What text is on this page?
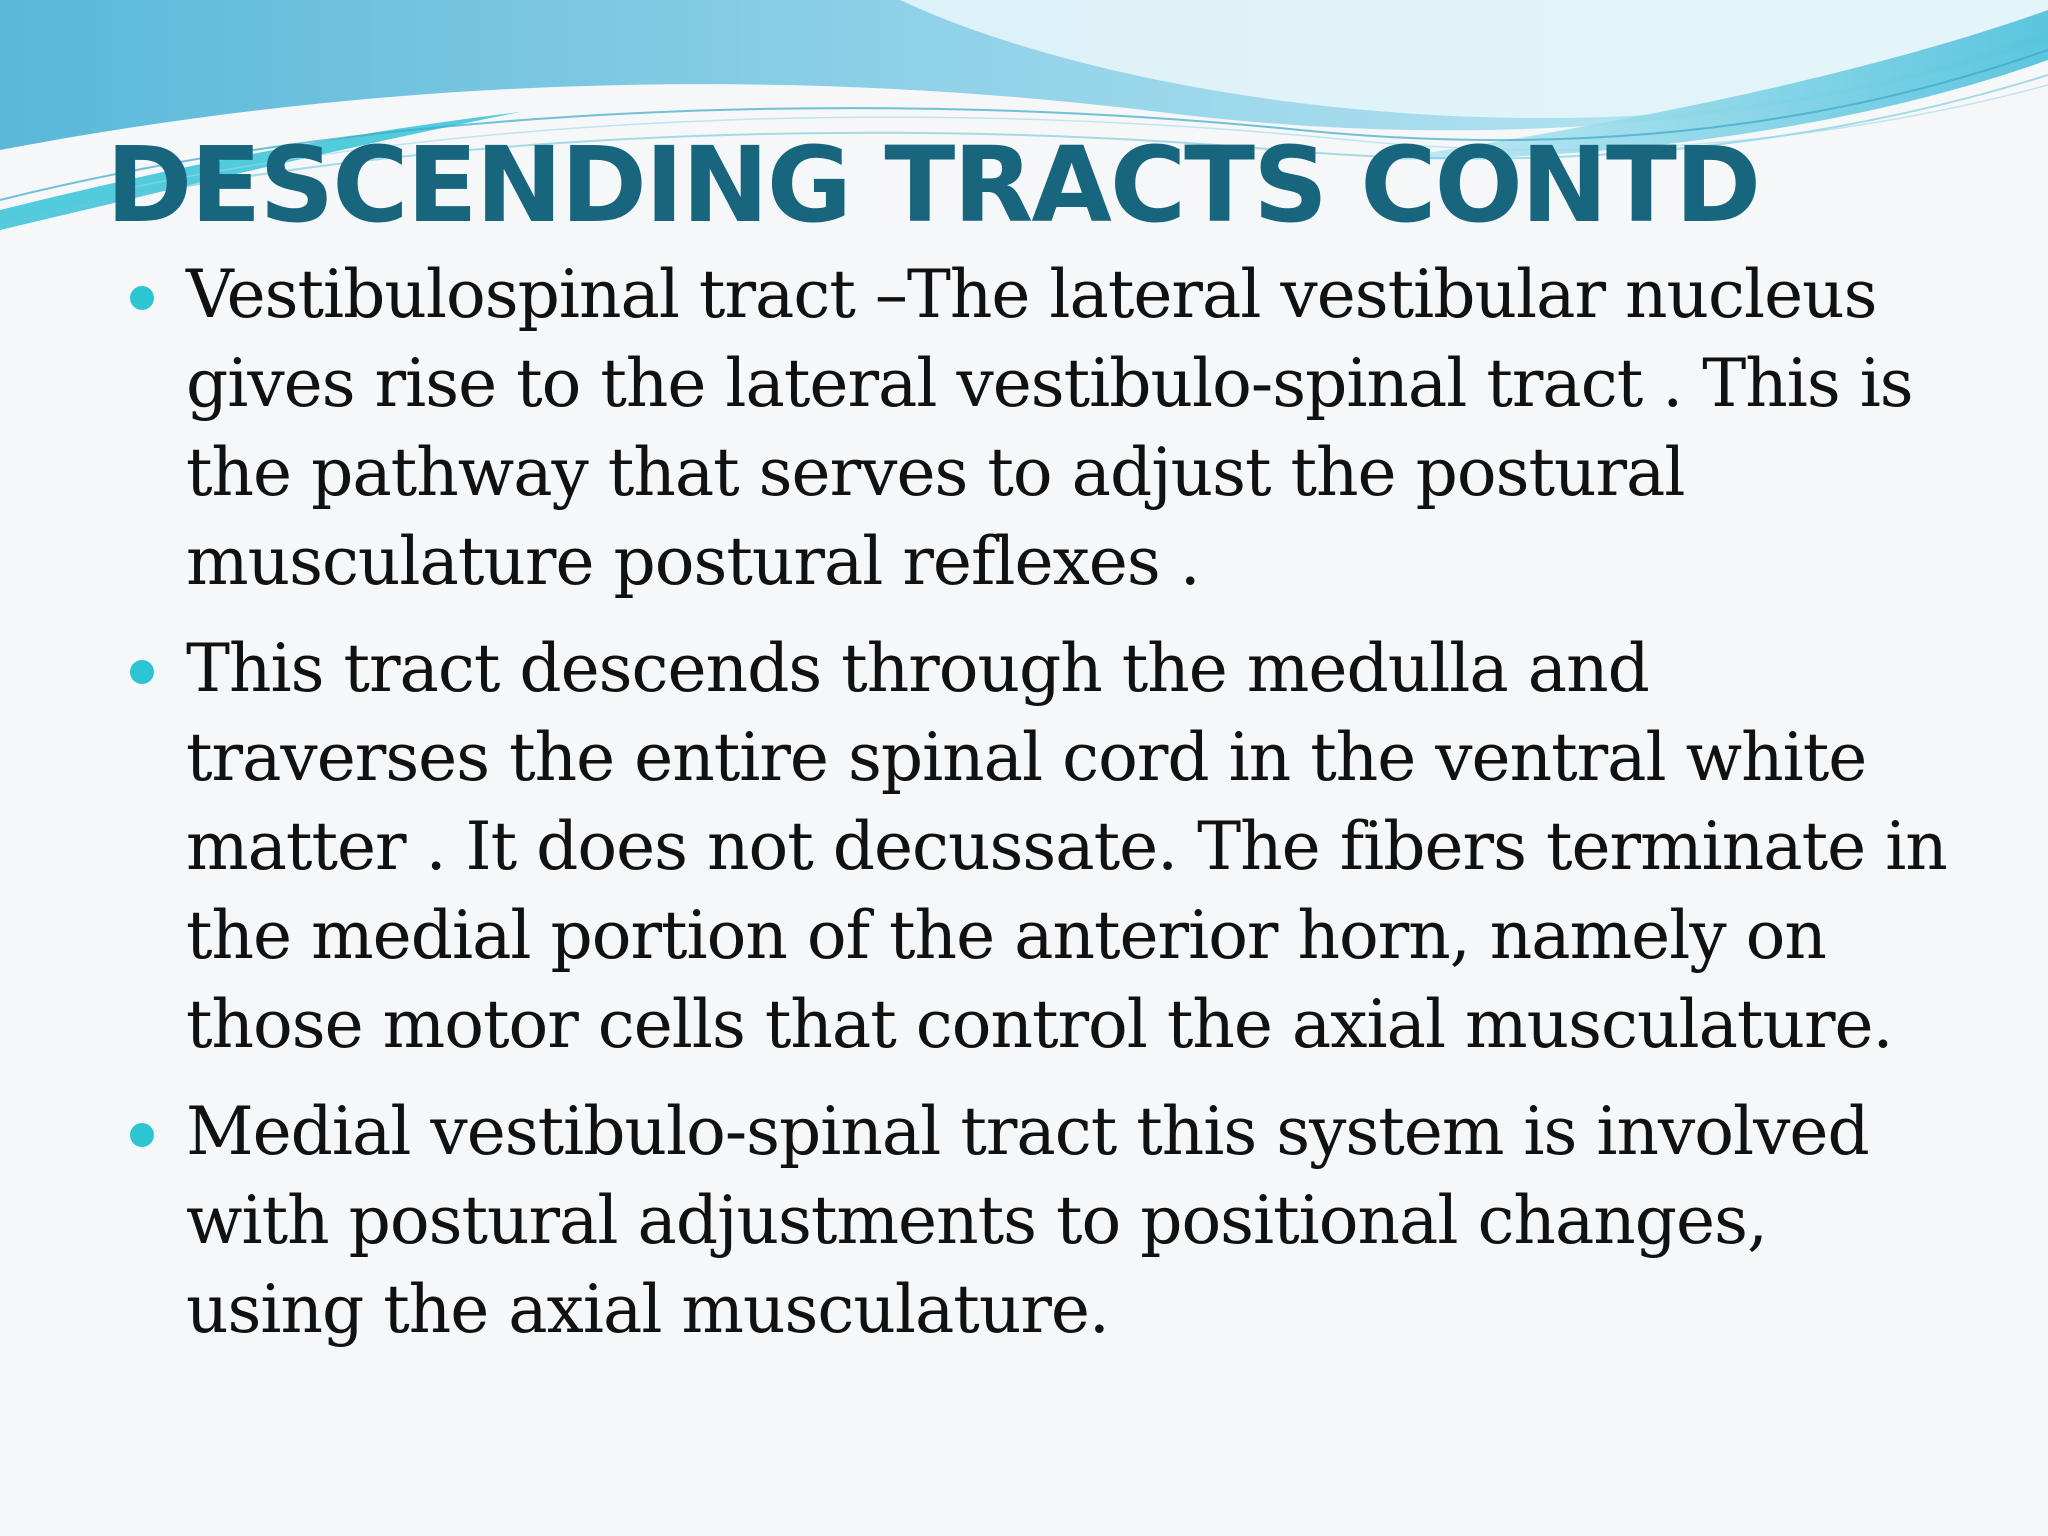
DESCENDING TRACTS CONTD
Vestibulospinal tract –The lateral vestibular nucleus gives rise to the lateral vestibulo-spinal tract . This is the pathway that serves to adjust the postural musculature postural reflexes .
This tract descends through the medulla and traverses the entire spinal cord in the ventral white matter . It does not decussate. The fibers terminate in the medial portion of the anterior horn, namely on those motor cells that control the axial musculature.
Medial vestibulo-spinal tract this system is involved with postural adjustments to positional changes, using the axial musculature.
